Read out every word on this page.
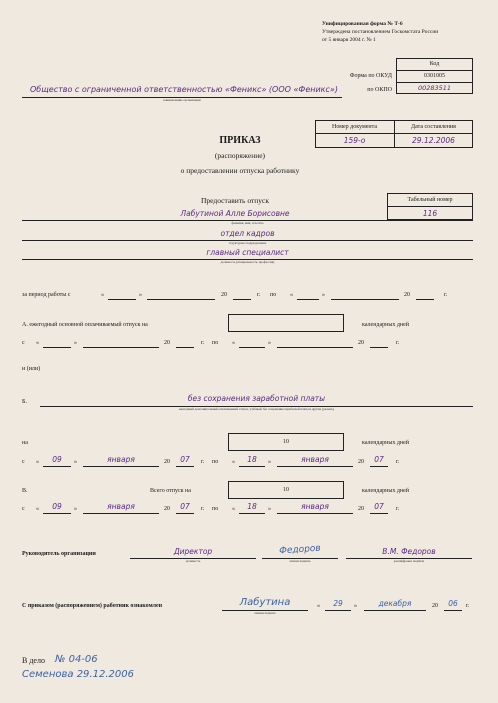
Унифицированная форма № Т-6
Утверждена постановлением Госкомстата России
от 5 января 2004 г. № 1
Код
Форма по ОКУД	0301005
по ОКПО	00283511
Общество с ограниченной ответственностью «Феникс» (ООО «Феникс»)
наименование организации
Номер документа	Дата составления
159-о	29.12.2006
ПРИКАЗ
(распоряжение)
о предоставлении отпуска работнику
Предоставить отпуск	Табельный номер
116
Лабутиной Алле Борисовне
фамилия, имя, отчество
отдел кадров
структурное подразделение
главный специалист
должность (специальность, профессия)
за период работы с	«	»	20	г. по «	»	20	г.
А. ежегодный основной оплачиваемый отпуск на	календарных дней
с «	»	20	г. по «	»	20	г.
и (или)
Б.	без сохранения заработной платы
ежегодный дополнительный оплачиваемый отпуск, учебный, без сохранения заработной платы и другие (указать)
на	10	календарных дней
с «	09	»	января	20	07	г. по «	18	»	января	20	07	г.
В.	Всего отпуск на	10	календарных дней
с «	09	»	января	20	07	г. по «	18	»	января	20	07	г.
Руководитель организации	Директор
должность
Федоров
личная подпись
В.М. Федоров
расшифровка подписи
С приказом (распоряжением) работник ознакомлен	Лабутина
личная подпись
«	29	»	декабря	20	06	г.
В дело № 04-06
Семенова 29.12.2006
